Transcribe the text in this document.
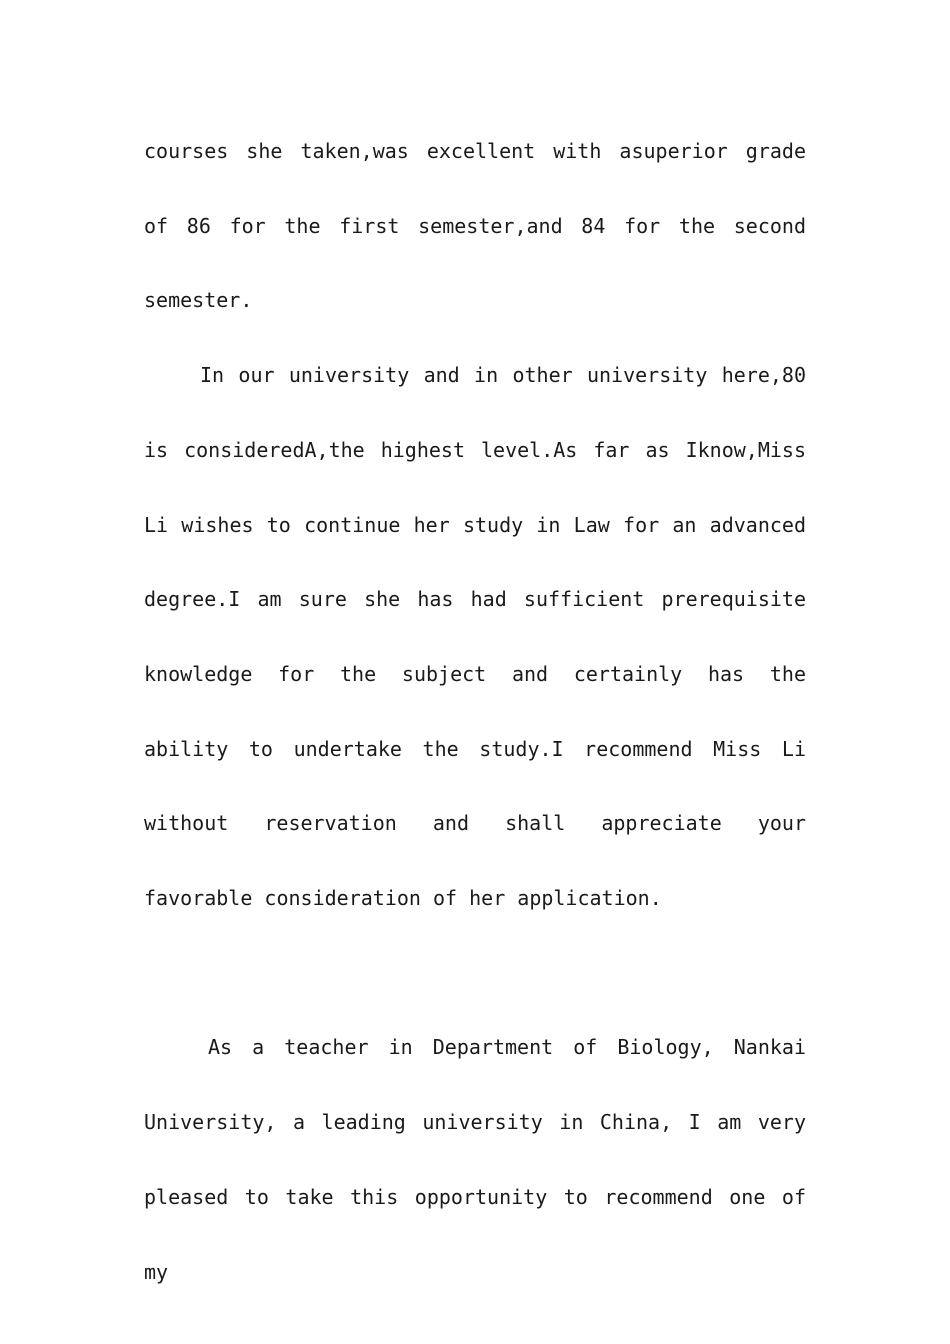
courses she taken,was excellent with asuperior grade of 86 for the first semester,and 84 for the second semester.

In our university and in other university here,80 is consideredA,the highest level.As far as Iknow,Miss Li wishes to continue her study in Law for an advanced degree.I am sure she has had sufficient prerequisite knowledge for the subject and certainly has the ability to undertake the study.I recommend Miss Li without reservation and shall appreciate your favorable consideration of her application.

As a teacher in Department of Biology, Nankai University, a leading university in China, I am very pleased to take this opportunity to recommend one of my
